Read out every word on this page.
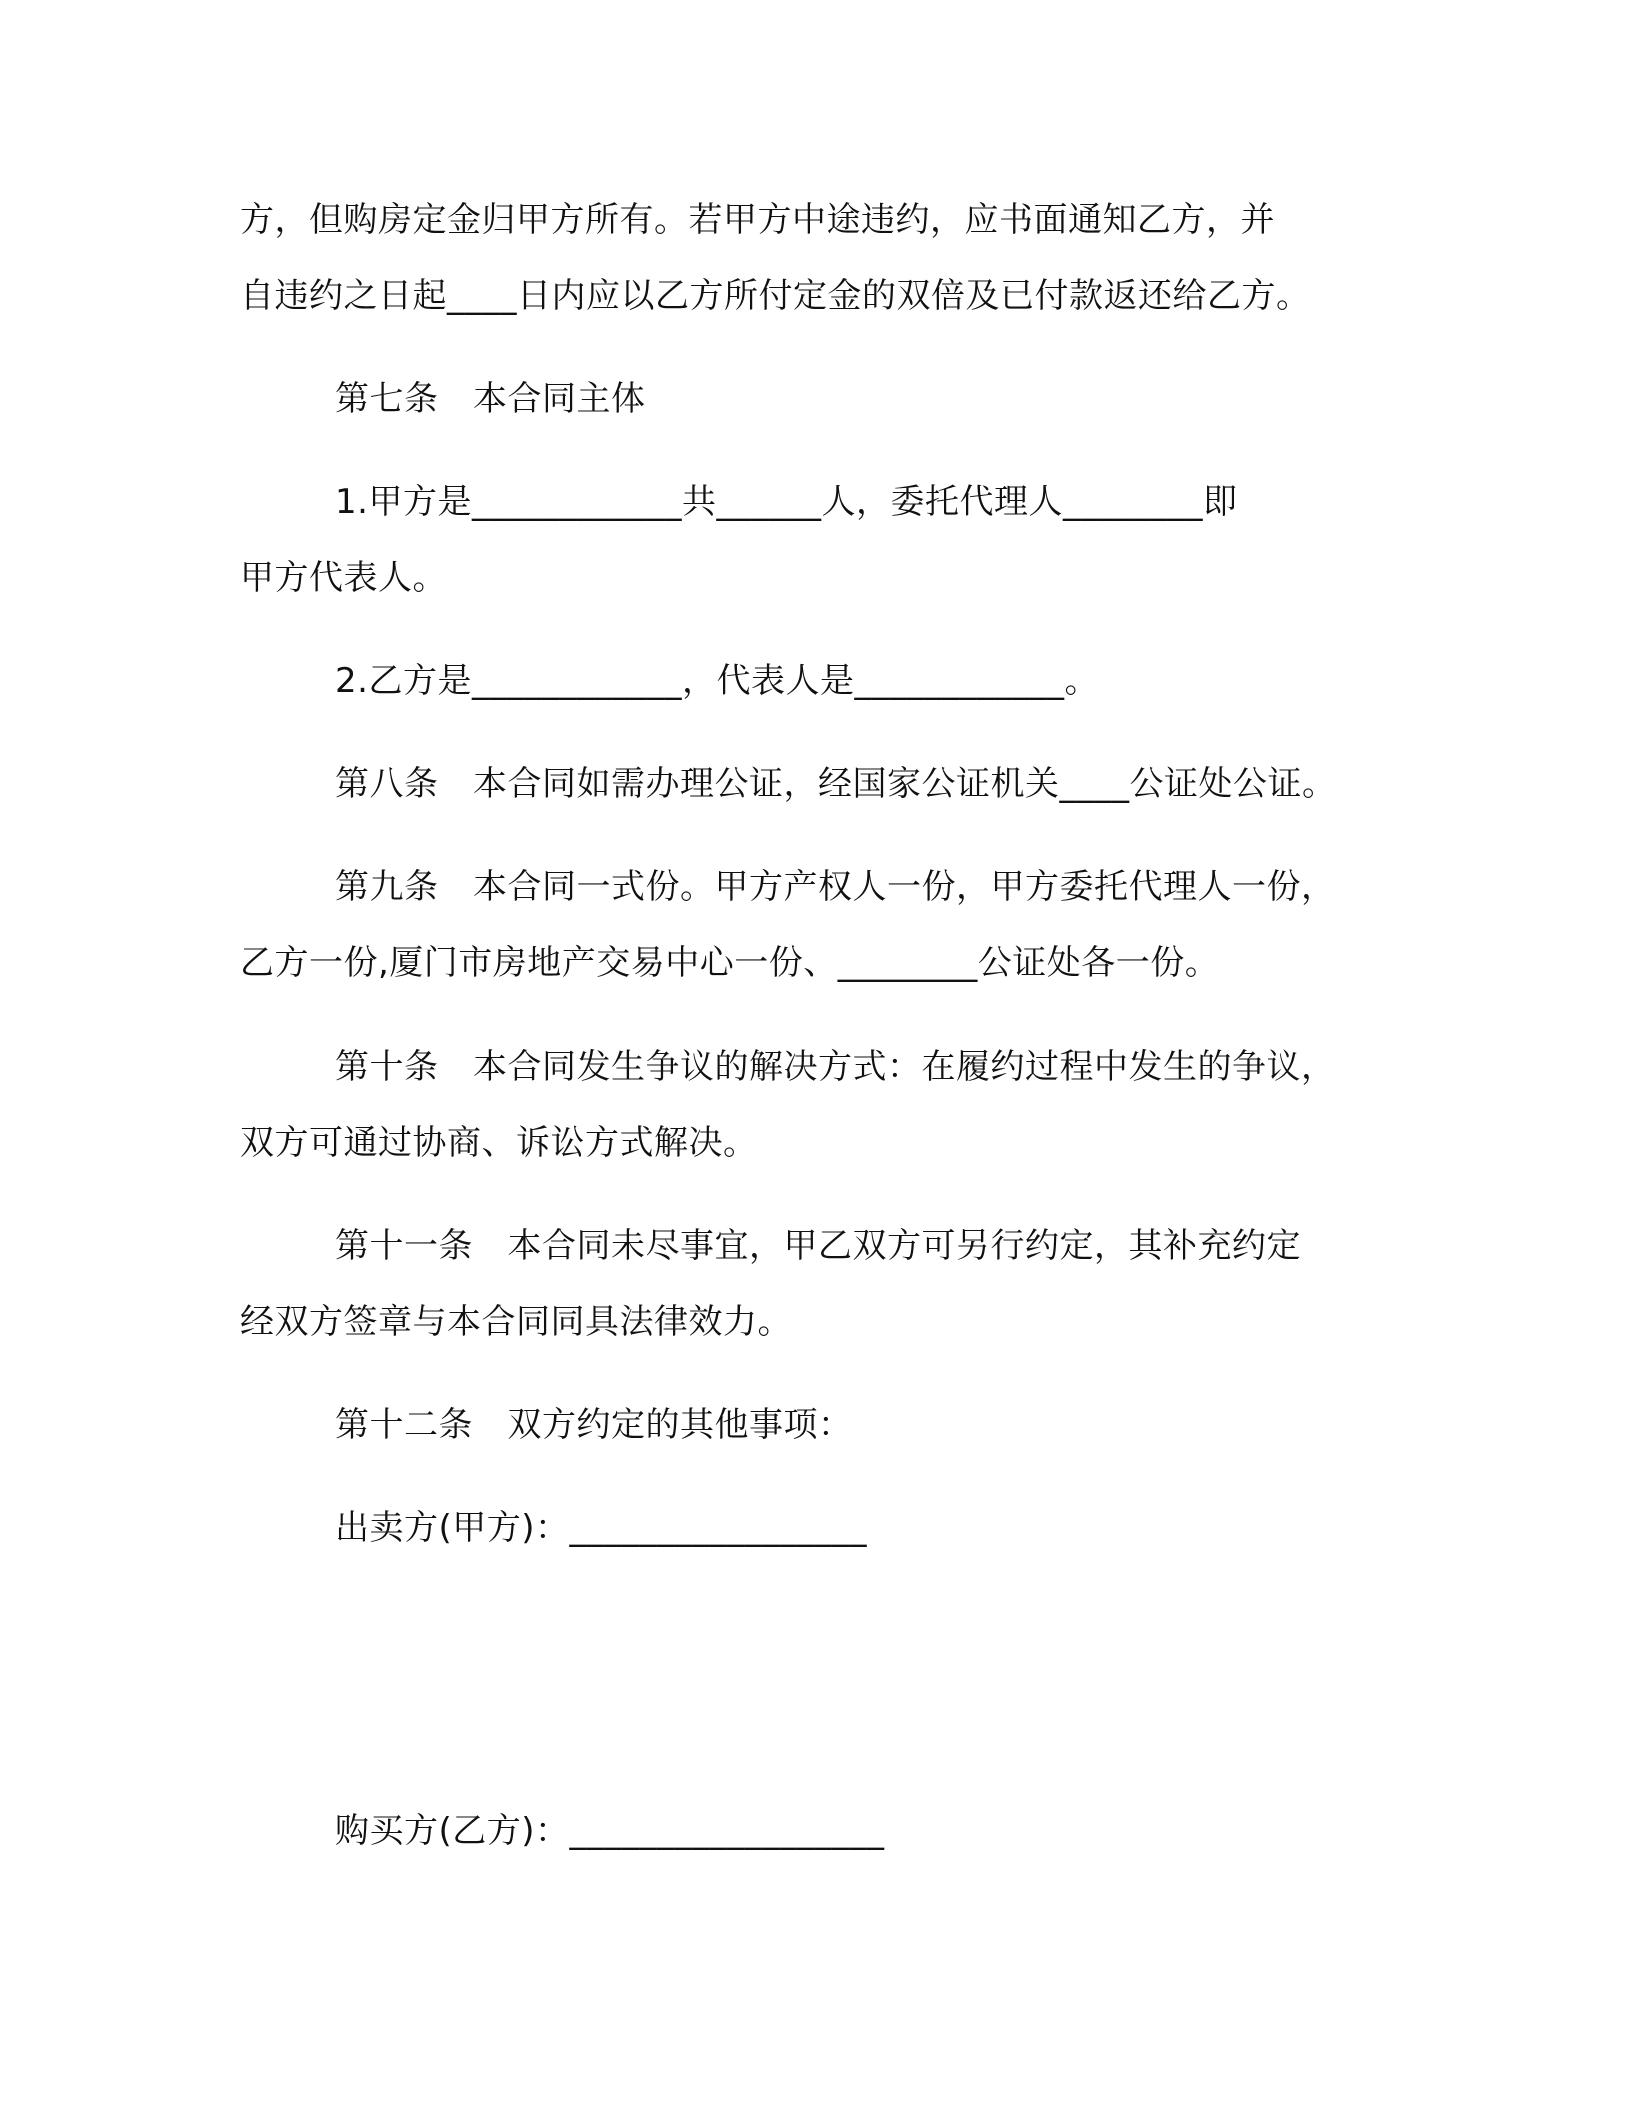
方，但购房定金归甲方所有。若甲方中途违约，应书面通知乙方，并
自违约之日起____日内应以乙方所付定金的双倍及已付款返还给乙方。
第七条　本合同主体
1.甲方是____________共______人，委托代理人________即
甲方代表人。
2.乙方是____________，代表人是____________。
第八条　本合同如需办理公证，经国家公证机关____公证处公证。
第九条　本合同一式份。甲方产权人一份，甲方委托代理人一份，
乙方一份,厦门市房地产交易中心一份、________公证处各一份。
第十条　本合同发生争议的解决方式：在履约过程中发生的争议，
双方可通过协商、诉讼方式解决。
第十一条　本合同未尽事宜，甲乙双方可另行约定，其补充约定
经双方签章与本合同同具法律效力。
第十二条　双方约定的其他事项：
出卖方(甲方)：_________________
购买方(乙方)：__________________
